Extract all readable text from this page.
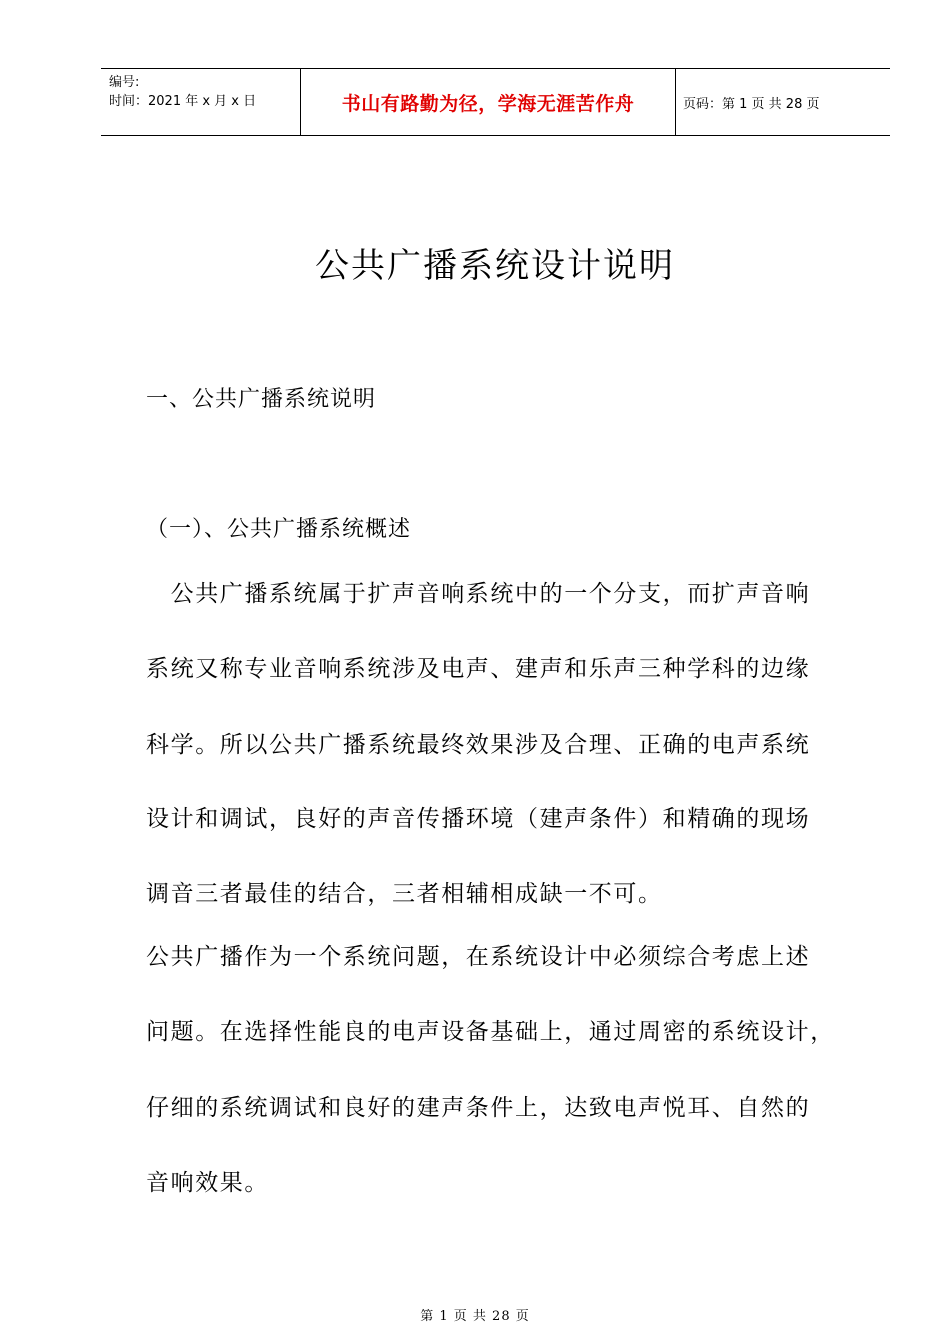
编号:
时间：2021 年 x 月 x 日	书山有路勤为径，学海无涯苦作舟	页码：第 1 页 共 28 页
公共广播系统设计说明
一、公共广播系统说明
（一）、公共广播系统概述
　公共广播系统属于扩声音响系统中的一个分支，而扩声音响
系统又称专业音响系统涉及电声、建声和乐声三种学科的边缘
科学。所以公共广播系统最终效果涉及合理、正确的电声系统
设计和调试，良好的声音传播环境（建声条件）和精确的现场
调音三者最佳的结合，三者相辅相成缺一不可。
公共广播作为一个系统问题，在系统设计中必须综合考虑上述
问题。在选择性能良的电声设备基础上，通过周密的系统设计，
仔细的系统调试和良好的建声条件上，达致电声悦耳、自然的
音响效果。
第 1 页 共 28 页
